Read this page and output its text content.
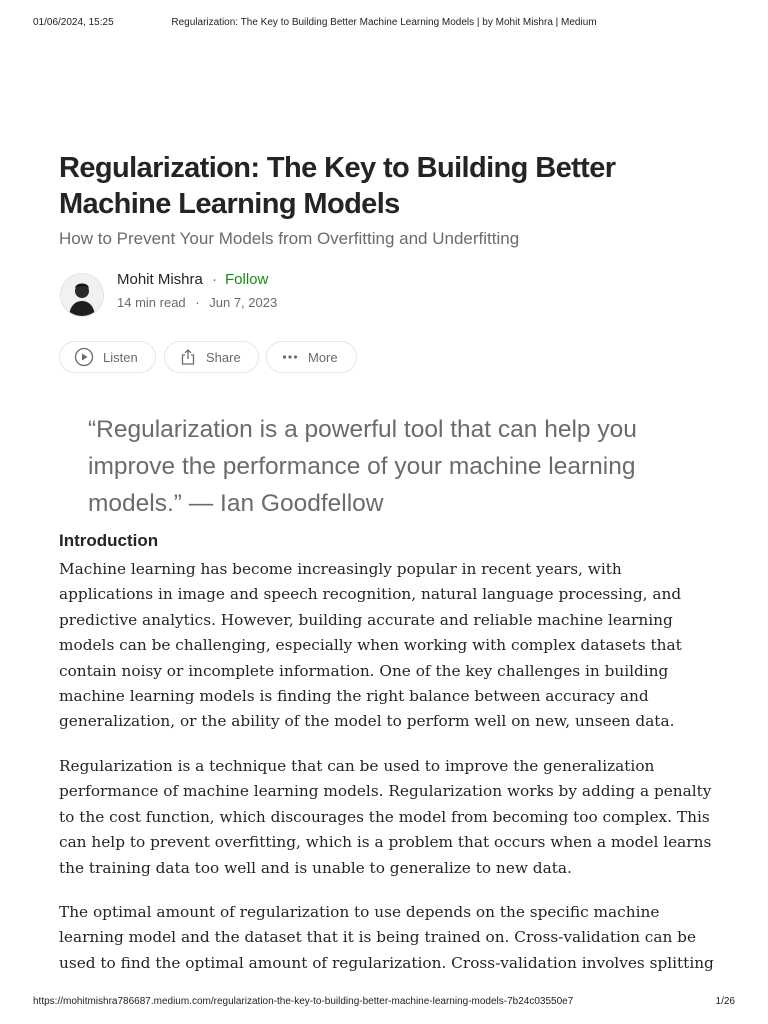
01/06/2024, 15:25	Regularization: The Key to Building Better Machine Learning Models | by Mohit Mishra | Medium
Regularization: The Key to Building Better Machine Learning Models
How to Prevent Your Models from Overfitting and Underfitting
Mohit Mishra · Follow
14 min read · Jun 7, 2023
Listen	Share	More

“Regularization is a powerful tool that can help you improve the performance of your machine learning models.” — Ian Goodfellow

Introduction

Machine learning has become increasingly popular in recent years, with applications in image and speech recognition, natural language processing, and predictive analytics. However, building accurate and reliable machine learning models can be challenging, especially when working with complex datasets that contain noisy or incomplete information. One of the key challenges in building machine learning models is finding the right balance between accuracy and generalization, or the ability of the model to perform well on new, unseen data.

Regularization is a technique that can be used to improve the generalization performance of machine learning models. Regularization works by adding a penalty to the cost function, which discourages the model from becoming too complex. This can help to prevent overfitting, which is a problem that occurs when a model learns the training data too well and is unable to generalize to new data.

The optimal amount of regularization to use depends on the specific machine learning model and the dataset that it is being trained on. Cross-validation can be used to find the optimal amount of regularization. Cross-validation involves splitting

https://mohitmishra786687.medium.com/regularization-the-key-to-building-better-machine-learning-models-7b24c03550e7	1/26
